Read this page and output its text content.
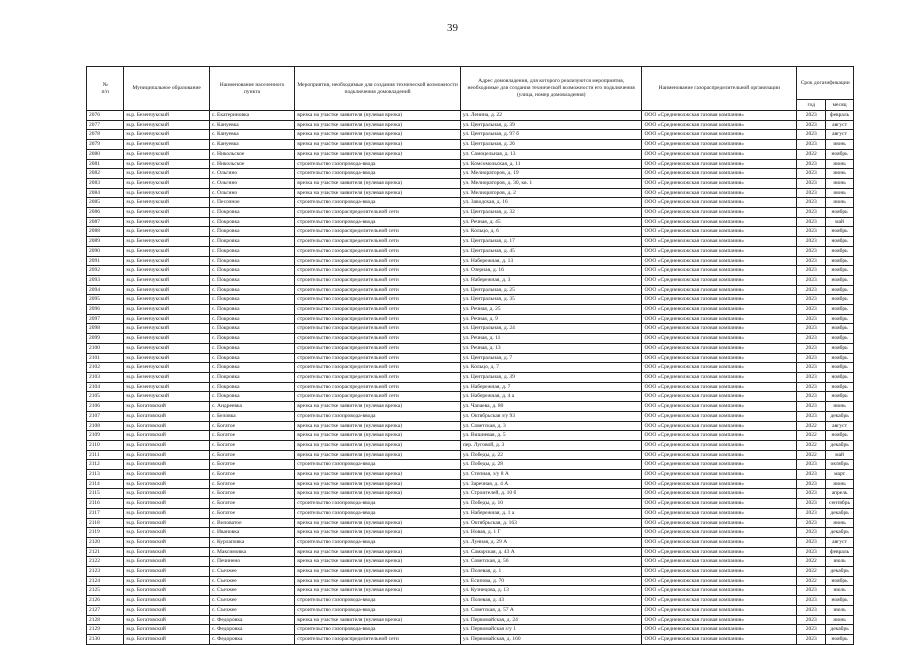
39
№
п/п	Муниципальное образование	Наименование населенного пункта	Мероприятия, необходимые для создания технической возможности подключения домовладений	Адрес домовладения, для которого реализуются мероприятия, необходимые для создания технической возможности его подключения (улица, номер домовладения)	Наименование газораспределительной организации	Срок догазификации	
						год	месяц
2076	м.р. Безенчукский	с. Екатериновка	врезка на участке заявителя (нулевая врезка)	ул. Ленина, д. 22	ООО «Средневолжская газовая компания»	2023	февраль
2077	м.р. Безенчукский	с. Кануевка	врезка на участке заявителя (нулевая врезка)	ул. Центральная, д. 39	ООО «Средневолжская газовая компания»	2023	август
2078	м.р. Безенчукский	с. Кануевка	врезка на участке заявителя (нулевая врезка)	ул. Центральная, д. 97 б	ООО «Средневолжская газовая компания»	2023	август
2079	м.р. Безенчукский	с. Кануевка	врезка на участке заявителя (нулевая врезка)	ул. Центральная, д. 26	ООО «Средневолжская газовая компания»	2023	июнь
2080	м.р. Безенчукский	с. Никольское	врезка на участке заявителя (нулевая врезка)	ул. Самоцельная, д. 13	ООО «Средневолжская газовая компания»	2022	ноябрь
2081	м.р. Безенчукский	с. Никольское	строительство газопровода-ввода	ул. Комсомольская, д. 11	ООО «Средневолжская газовая компания»	2023	июнь
2082	м.р. Безенчукский	с. Ольгино	строительство газопровода-ввода	ул. Мелиораторов, д. 19	ООО «Средневолжская газовая компания»	2023	июнь
2083	м.р. Безенчукский	с. Ольгино	врезка на участке заявителя (нулевая врезка)	ул. Мелиораторов, д. 30, кв. 1	ООО «Средневолжская газовая компания»	2023	июнь
2084	м.р. Безенчукский	с. Ольгино	врезка на участке заявителя (нулевая врезка)	ул. Мелиораторов, д. 2	ООО «Средневолжская газовая компания»	2023	июнь
2085	м.р. Безенчукский	с. Песочное	строительство газопровода-ввода	ул. Заводская, д. 16	ООО «Средневолжская газовая компания»	2023	июнь
2086	м.р. Безенчукский	с. Покровка	строительство газораспределительной сети	ул. Центральная, д. 32	ООО «Средневолжская газовая компания»	2023	ноябрь
2087	м.р. Безенчукский	с. Покровка	строительство газопровода-ввода	ул. Речная, д. 45	ООО «Средневолжская газовая компания»	2023	май
2088	м.р. Безенчукский	с. Покровка	строительство газораспределительной сети	ул. Кольцо, д. 6	ООО «Средневолжская газовая компания»	2023	ноябрь
2089	м.р. Безенчукский	с. Покровка	строительство газораспределительной сети	ул. Центральная, д. 17	ООО «Средневолжская газовая компания»	2023	ноябрь
2090	м.р. Безенчукский	с. Покровка	строительство газораспределительной сети	ул. Центральная, д. 45	ООО «Средневолжская газовая компания»	2023	ноябрь
2091	м.р. Безенчукский	с. Покровка	строительство газораспределительной сети	ул. Набережная, д. 13	ООО «Средневолжская газовая компания»	2023	ноябрь
2092	м.р. Безенчукский	с. Покровка	строительство газораспределительной сети	ул. Озерная, д. 16	ООО «Средневолжская газовая компания»	2023	ноябрь
2093	м.р. Безенчукский	с. Покровка	строительство газораспределительной сети	ул. Набережная, д. 3	ООО «Средневолжская газовая компания»	2023	ноябрь
2094	м.р. Безенчукский	с. Покровка	строительство газораспределительной сети	ул. Центральная, д. 25	ООО «Средневолжская газовая компания»	2023	ноябрь
2095	м.р. Безенчукский	с. Покровка	строительство газораспределительной сети	ул. Центральная, д. 35	ООО «Средневолжская газовая компания»	2023	ноябрь
2096	м.р. Безенчукский	с. Покровка	строительство газораспределительной сети	ул. Речная, д. 25	ООО «Средневолжская газовая компания»	2023	ноябрь
2097	м.р. Безенчукский	с. Покровка	строительство газораспределительной сети	ул. Речная, д. 9	ООО «Средневолжская газовая компания»	2023	ноябрь
2098	м.р. Безенчукский	с. Покровка	строительство газораспределительной сети	ул. Центральная, д. 24	ООО «Средневолжская газовая компания»	2023	ноябрь
2099	м.р. Безенчукский	с. Покровка	строительство газораспределительной сети	ул. Речная, д. 11	ООО «Средневолжская газовая компания»	2023	ноябрь
2100	м.р. Безенчукский	с. Покровка	строительство газораспределительной сети	ул. Речная, д. 13	ООО «Средневолжская газовая компания»	2023	ноябрь
2101	м.р. Безенчукский	с. Покровка	строительство газораспределительной сети	ул. Центральная, д. 7	ООО «Средневолжская газовая компания»	2023	ноябрь
2102	м.р. Безенчукский	с. Покровка	строительство газораспределительной сети	ул. Кольцо, д. 7	ООО «Средневолжская газовая компания»	2023	ноябрь
2103	м.р. Безенчукский	с. Покровка	строительство газораспределительной сети	ул. Центральная, д. 39	ООО «Средневолжская газовая компания»	2023	ноябрь
2104	м.р. Безенчукский	с. Покровка	строительство газораспределительной сети	ул. Набережная, д. 7	ООО «Средневолжская газовая компания»	2023	ноябрь
2105	м.р. Безенчукский	с. Покровка	строительство газораспределительной сети	ул. Набережная, д. 4 а	ООО «Средневолжская газовая компания»	2023	ноябрь
2106	м.р. Богатовский	с. Андреевка	врезка на участке заявителя (нулевая врезка)	ул. Чапаева, д. 80	ООО «Средневолжская газовая компания»	2023	июнь
2107	м.р. Богатовский	с. Беловка	строительство газопровода-ввода	ул. Октябрьская з/у 93	ООО «Средневолжская газовая компания»	2023	декабрь
2108	м.р. Богатовский	с. Богатое	врезка на участке заявителя (нулевая врезка)	ул. Советская, д. 3	ООО «Средневолжская газовая компания»	2022	август
2109	м.р. Богатовский	с. Богатое	врезка на участке заявителя (нулевая врезка)	ул. Вишневая, д. 5	ООО «Средневолжская газовая компания»	2022	ноябрь
2110	м.р. Богатовский	с. Богатое	врезка на участке заявителя (нулевая врезка)	пер. Луговой, д. 3	ООО «Средневолжская газовая компания»	2022	декабрь
2111	м.р. Богатовский	с. Богатое	врезка на участке заявителя (нулевая врезка)	ул. Победы, д. 22	ООО «Средневолжская газовая компания»	2022	май
2112	м.р. Богатовский	с. Богатое	строительство газопровода-ввода	ул. Победы, д. 28	ООО «Средневолжская газовая компания»	2023	октябрь
2113	м.р. Богатовский	с. Богатое	врезка на участке заявителя (нулевая врезка)	ул. Степная, з/у 8 А	ООО «Средневолжская газовая компания»	2023	март
2114	м.р. Богатовский	с. Богатое	врезка на участке заявителя (нулевая врезка)	ул. Заречная, д. 4 А	ООО «Средневолжская газовая компания»	2023	июнь
2115	м.р. Богатовский	с. Богатое	врезка на участке заявителя (нулевая врезка)	ул. Строителей, д. 10 б	ООО «Средневолжская газовая компания»	2023	апрель
2116	м.р. Богатовский	с. Богатое	строительство газопровода-ввода	ул. Победы, д. 10	ООО «Средневолжская газовая компания»	2023	сентябрь
2117	м.р. Богатовский	с. Богатое	строительство газопровода-ввода	ул. Набережная, д. 1 а	ООО «Средневолжская газовая компания»	2023	декабрь
2118	м.р. Богатовский	с. Виловатое	врезка на участке заявителя (нулевая врезка)	ул. Октябрьская, д. 163	ООО «Средневолжская газовая компания»	2023	июнь
2119	м.р. Богатовский	с. Ивановка	врезка на участке заявителя (нулевая врезка)	ул. Новая, д. 1 Г	ООО «Средневолжская газовая компания»	2023	декабрь
2120	м.р. Богатовский	с. Курлаповка	строительство газопровода-ввода	ул. Лунная, д. 29 А	ООО «Средневолжская газовая компания»	2023	август
2121	м.р. Богатовский	с. Максимовка	врезка на участке заявителя (нулевая врезка)	ул. Самарская, д. 43 А	ООО «Средневолжская газовая компания»	2023	февраль
2122	м.р. Богатовский	с. Печинено	врезка на участке заявителя (нулевая врезка)	ул. Советская, д. 56	ООО «Средневолжская газовая компания»	2022	июль
2123	м.р. Богатовский	с. Съезжее	врезка на участке заявителя (нулевая врезка)	ул. Полевая, д. 1	ООО «Средневолжская газовая компания»	2022	декабрь
2124	м.р. Богатовский	с. Съезжее	врезка на участке заявителя (нулевая врезка)	ул. Есипова, д. 70	ООО «Средневолжская газовая компания»	2022	ноябрь
2125	м.р. Богатовский	с. Съезжее	врезка на участке заявителя (нулевая врезка)	ул. Кузнецова, д. 13	ООО «Средневолжская газовая компания»	2023	июль
2126	м.р. Богатовский	с. Съезжее	строительство газопровода-ввода	ул. Полевая, д. 43	ООО «Средневолжская газовая компания»	2023	ноябрь
2127	м.р. Богатовский	с. Съезжее	строительство газопровода-ввода	ул. Советская, д. 57 А	ООО «Средневолжская газовая компания»	2023	июль
2128	м.р. Богатовский	с. Федоровка	врезка на участке заявителя (нулевая врезка)	ул. Первомайская, д. 24	ООО «Средневолжская газовая компания»	2023	июнь
2129	м.р. Богатовский	с. Федоровка	строительство газопровода-ввода	ул. Первомайская з/у 1	ООО «Средневолжская газовая компания»	2023	декабрь
2130	м.р. Богатовский	с. Федоровка	строительство газораспределительной сети	ул. Первомайская, д. 160	ООО «Средневолжская газовая компания»	2023	ноябрь
